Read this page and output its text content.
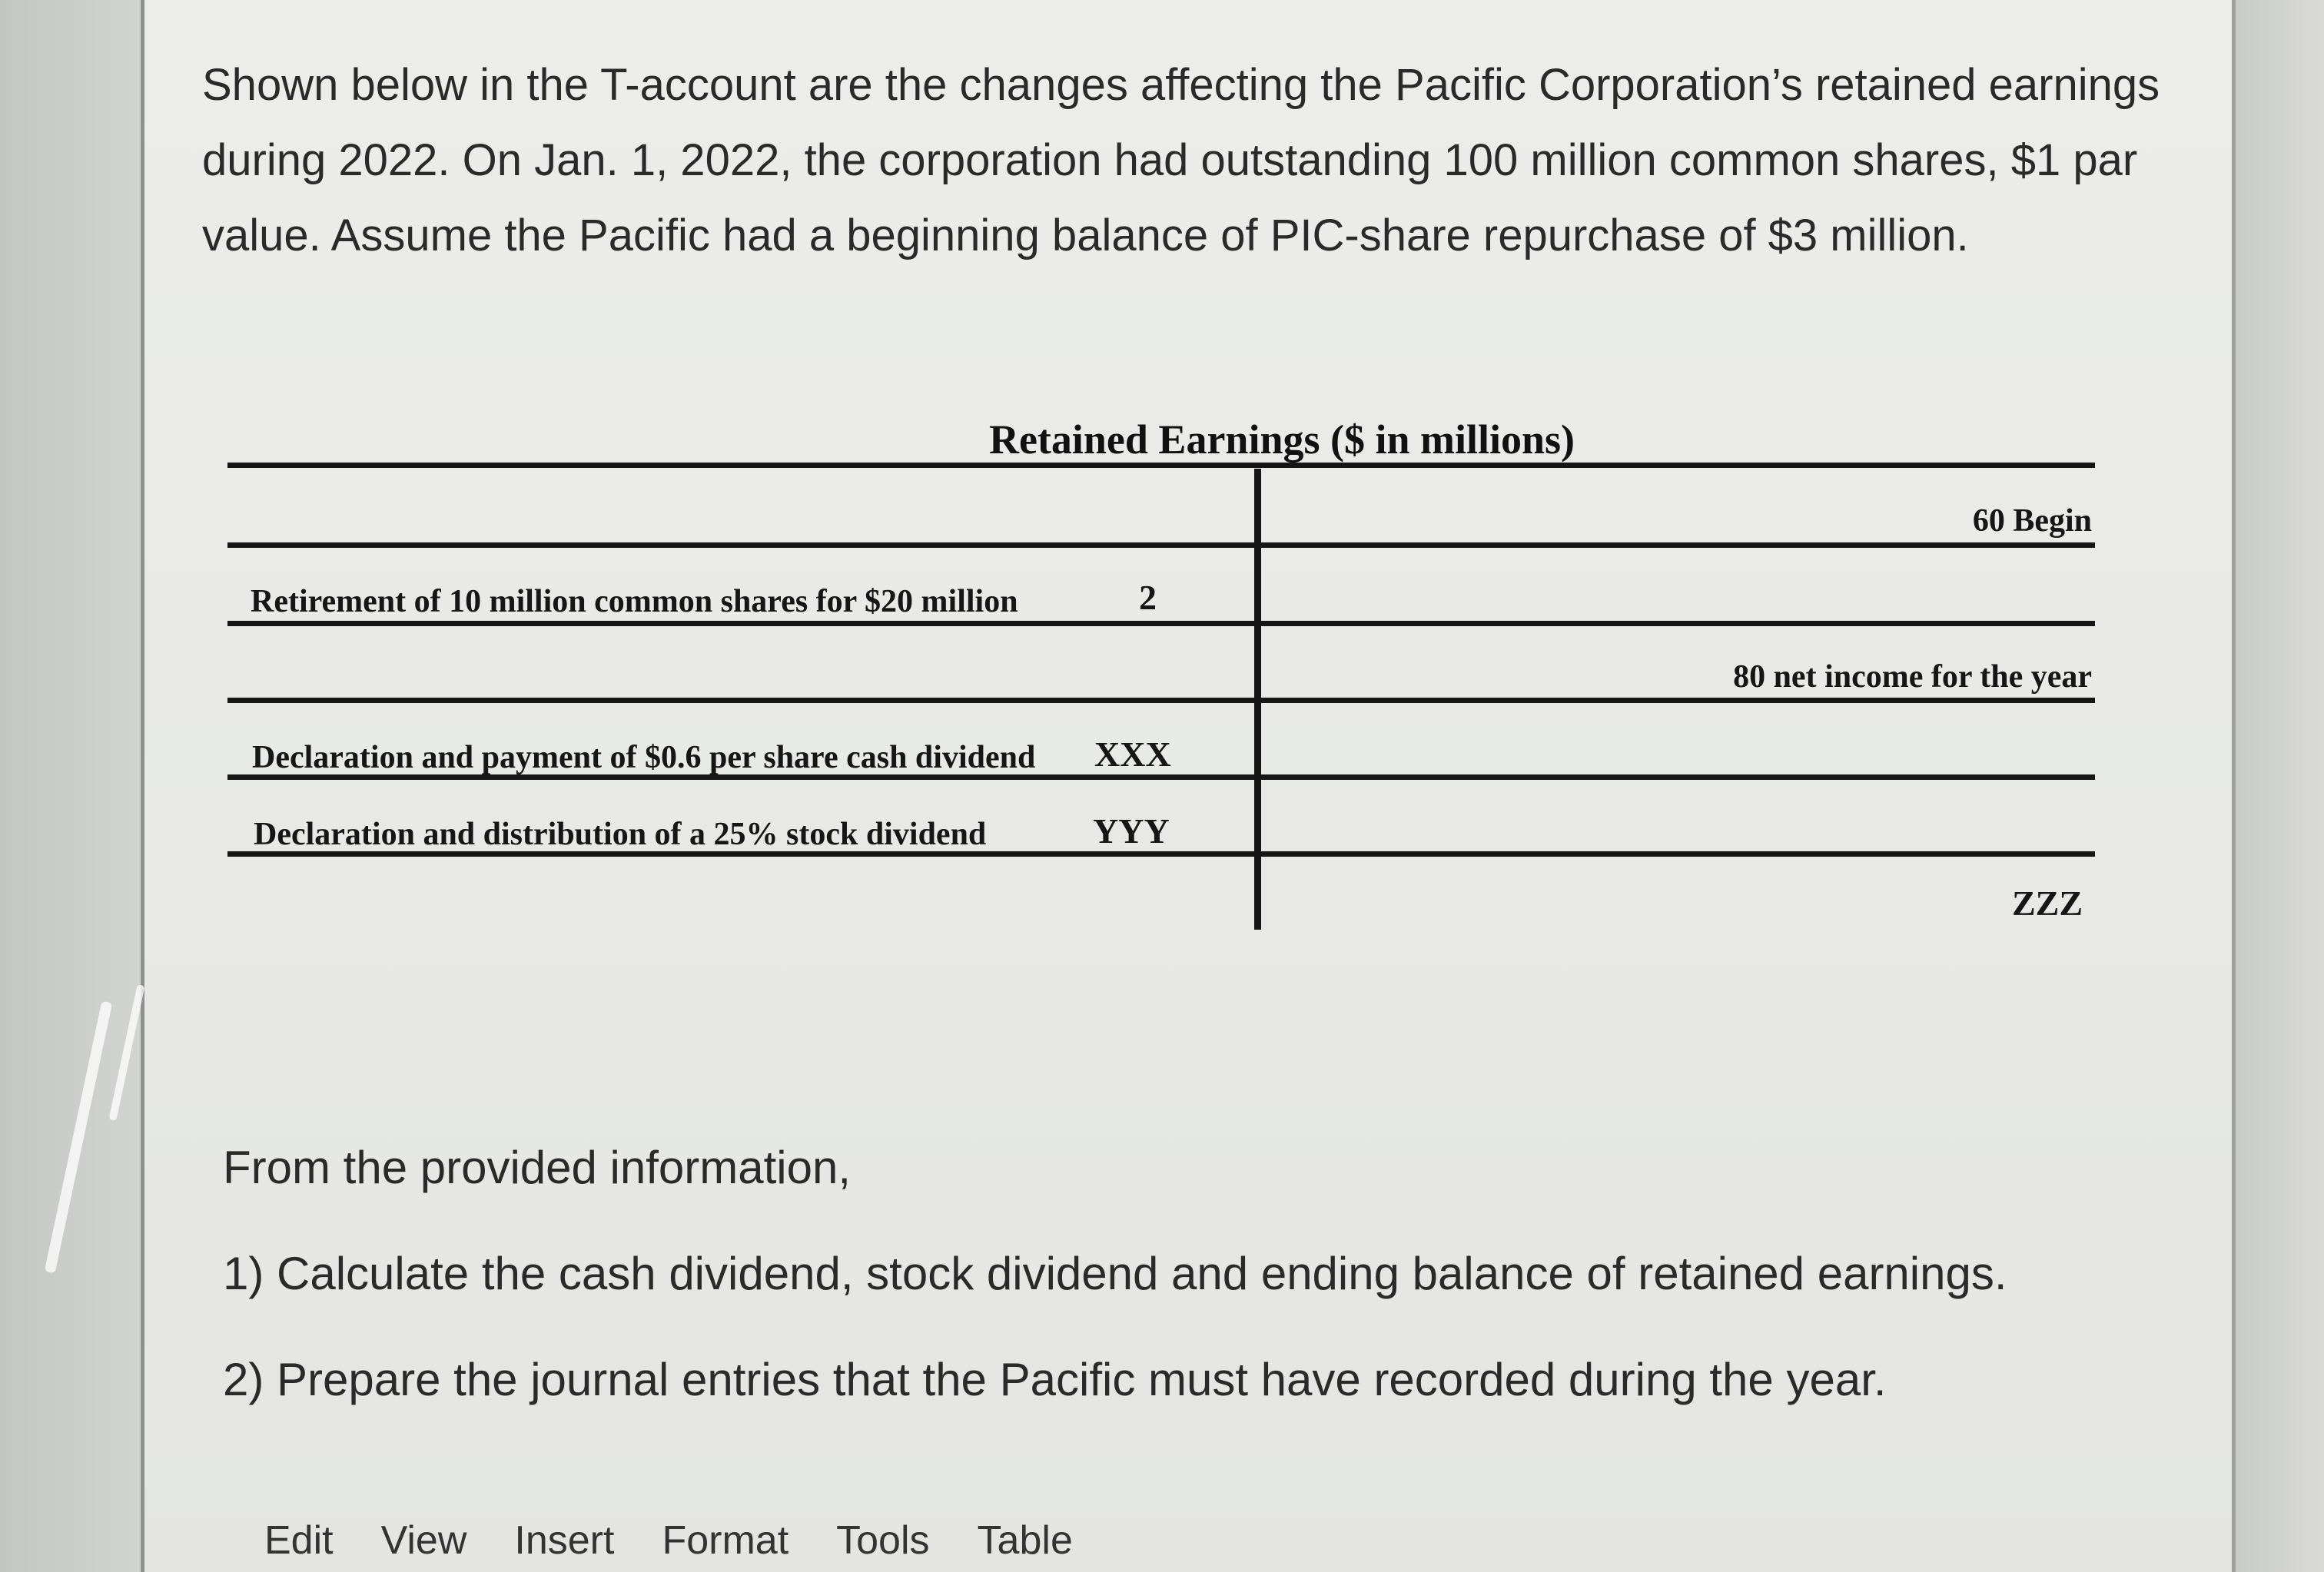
Shown below in the T-account are the changes affecting the Pacific Corporation’s retained earnings during 2022. On Jan. 1, 2022, the corporation had outstanding 100 million common shares, $1 par value. Assume the Pacific had a beginning balance of PIC-share repurchase of $3 million.

Retained Earnings ($ in millions)
60 Begin
80 net income for the year
ZZZ
Retirement of 10 million common shares for $20 million	2
Declaration and payment of $0.6 per share cash dividend XXX
Declaration and distribution of a 25% stock dividend	YYY

From the provided information,

1) Calculate the cash dividend, stock dividend and ending balance of retained earnings.

2) Prepare the journal entries that the Pacific must have recorded during the year.

Edit View Insert Format Tools Table
